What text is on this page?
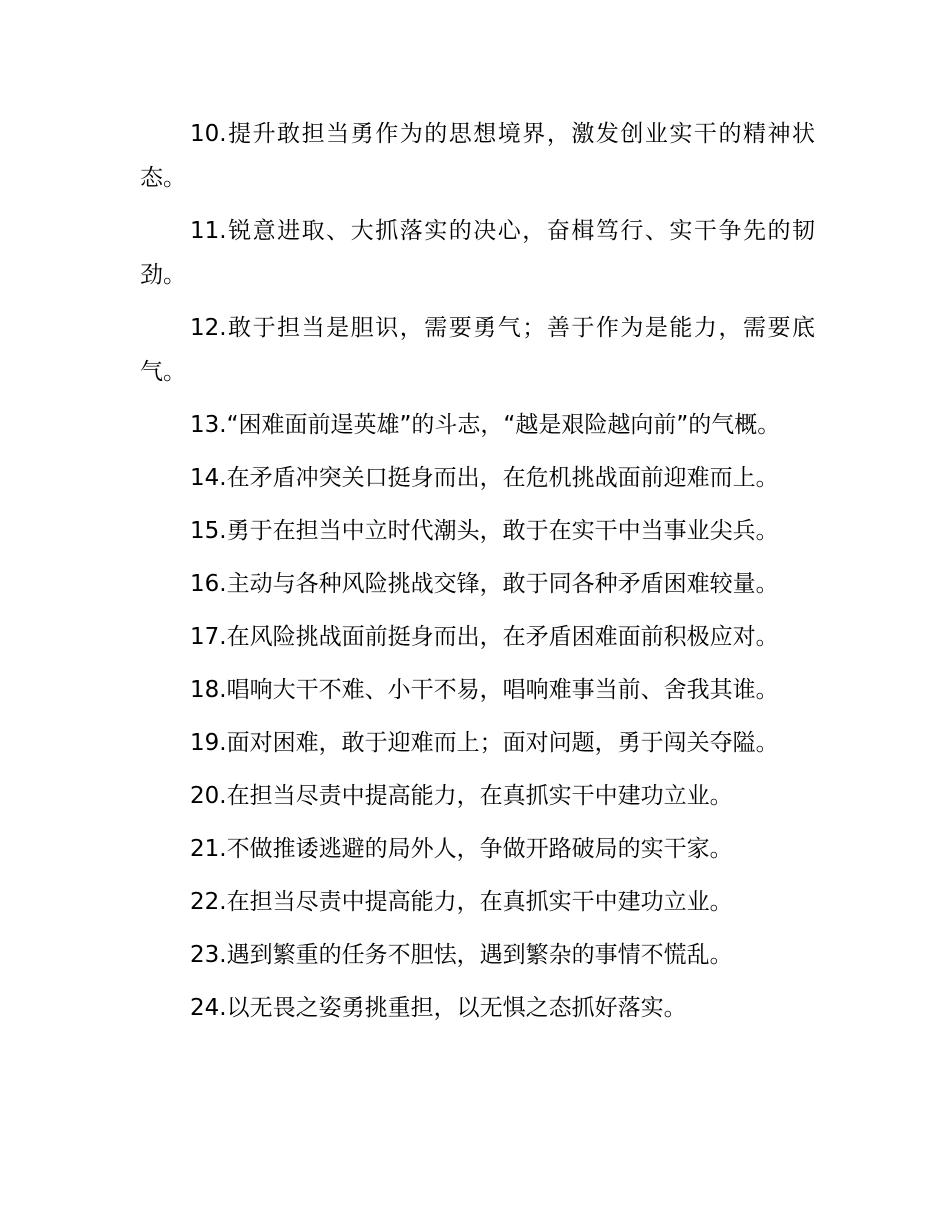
10.提升敢担当勇作为的思想境界，激发创业实干的精神状态。

11.锐意进取、大抓落实的决心，奋楫笃行、实干争先的韧劲。

12.敢于担当是胆识，需要勇气；善于作为是能力，需要底气。

13.“困难面前逞英雄”的斗志，“越是艰险越向前”的气概。

14.在矛盾冲突关口挺身而出，在危机挑战面前迎难而上。

15.勇于在担当中立时代潮头，敢于在实干中当事业尖兵。

16.主动与各种风险挑战交锋，敢于同各种矛盾困难较量。

17.在风险挑战面前挺身而出，在矛盾困难面前积极应对。

18.唱响大干不难、小干不易，唱响难事当前、舍我其谁。

19.面对困难，敢于迎难而上；面对问题，勇于闯关夺隘。

20.在担当尽责中提高能力，在真抓实干中建功立业。

21.不做推诿逃避的局外人，争做开路破局的实干家。

22.在担当尽责中提高能力，在真抓实干中建功立业。

23.遇到繁重的任务不胆怯，遇到繁杂的事情不慌乱。

24.以无畏之姿勇挑重担，以无惧之态抓好落实。
